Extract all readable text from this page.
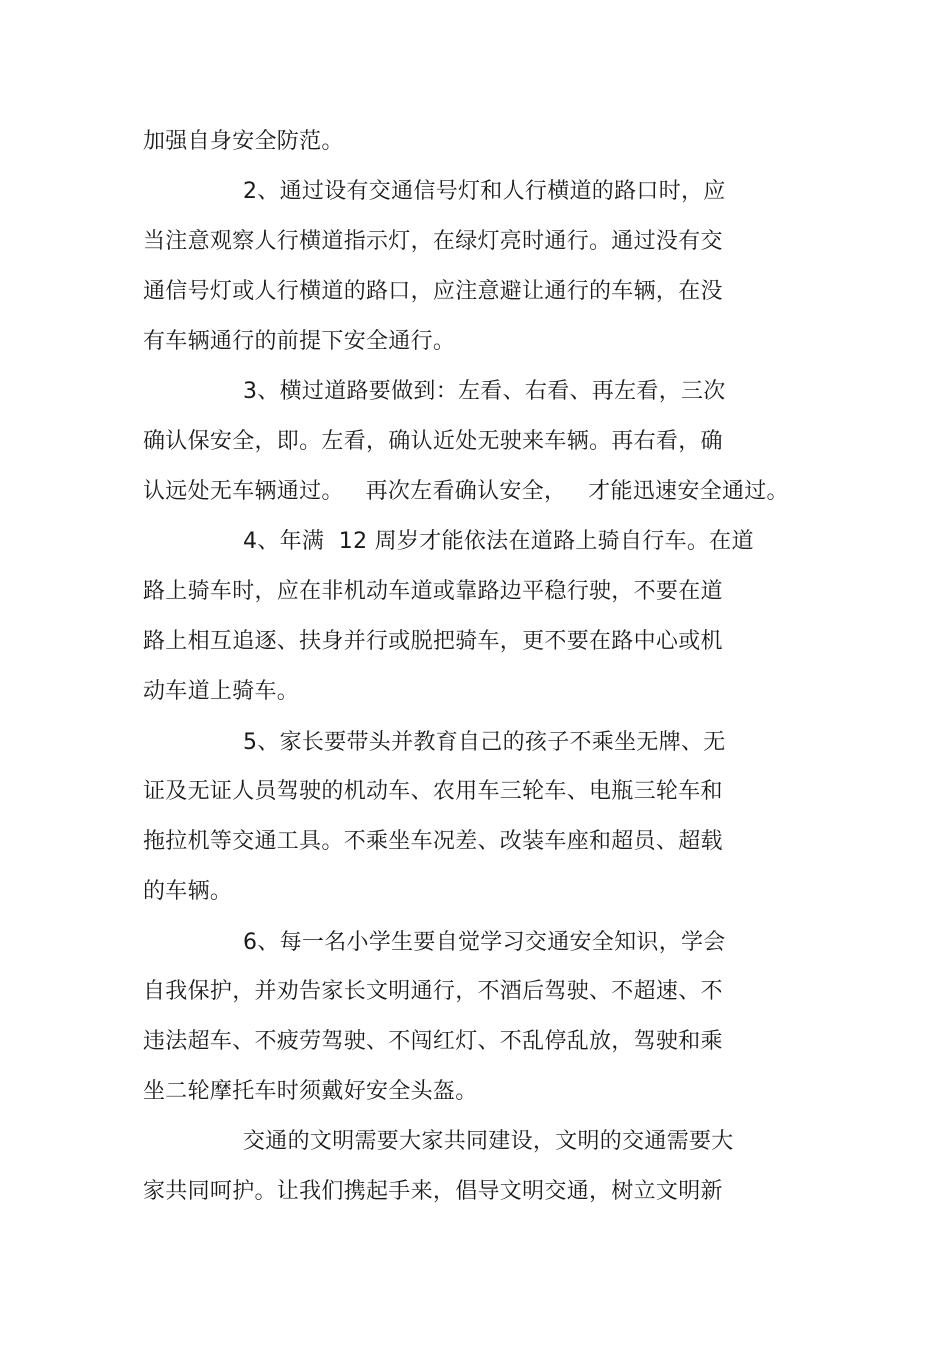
加强自身安全防范。

2、通过设有交通信号灯和人行横道的路口时，应

当注意观察人行横道指示灯，在绿灯亮时通行。通过没有交

通信号灯或人行横道的路口，应注意避让通行的车辆，在没

有车辆通行的前提下安全通行。

3、横过道路要做到：左看、右看、再左看，三次

确认保安全，即。左看，确认近处无驶来车辆。再右看，确

认远处无车辆通过。   再次左看确认安全，   才能迅速安全通过。

4、年满  12 周岁才能依法在道路上骑自行车。在道

路上骑车时，应在非机动车道或靠路边平稳行驶，不要在道

路上相互追逐、扶身并行或脱把骑车，更不要在路中心或机

动车道上骑车。

5、家长要带头并教育自己的孩子不乘坐无牌、无

证及无证人员驾驶的机动车、农用车三轮车、电瓶三轮车和

拖拉机等交通工具。不乘坐车况差、改装车座和超员、超载

的车辆。

6、每一名小学生要自觉学习交通安全知识，学会

自我保护，并劝告家长文明通行，不酒后驾驶、不超速、不

违法超车、不疲劳驾驶、不闯红灯、不乱停乱放，驾驶和乘

坐二轮摩托车时须戴好安全头盔。

交通的文明需要大家共同建设，文明的交通需要大

家共同呵护。让我们携起手来，倡导文明交通，树立文明新
